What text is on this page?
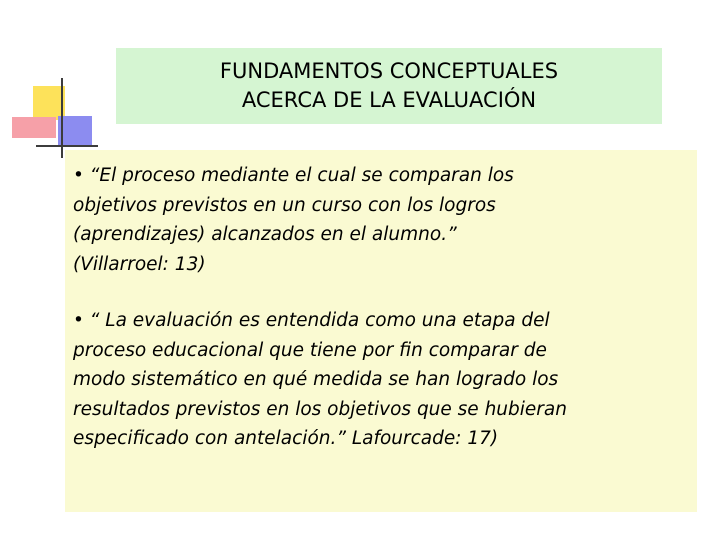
FUNDAMENTOS CONCEPTUALES
ACERCA DE LA EVALUACIÓN

• “El proceso mediante el cual se comparan los
objetivos previstos en un curso con los logros
(aprendizajes) alcanzados en el alumno.”
(Villarroel: 13)

• “ La evaluación es entendida como una etapa del
proceso educacional que tiene por fin comparar de
modo sistemático en qué medida se han logrado los
resultados previstos en los objetivos que se hubieran
especificado con antelación.” Lafourcade: 17)
